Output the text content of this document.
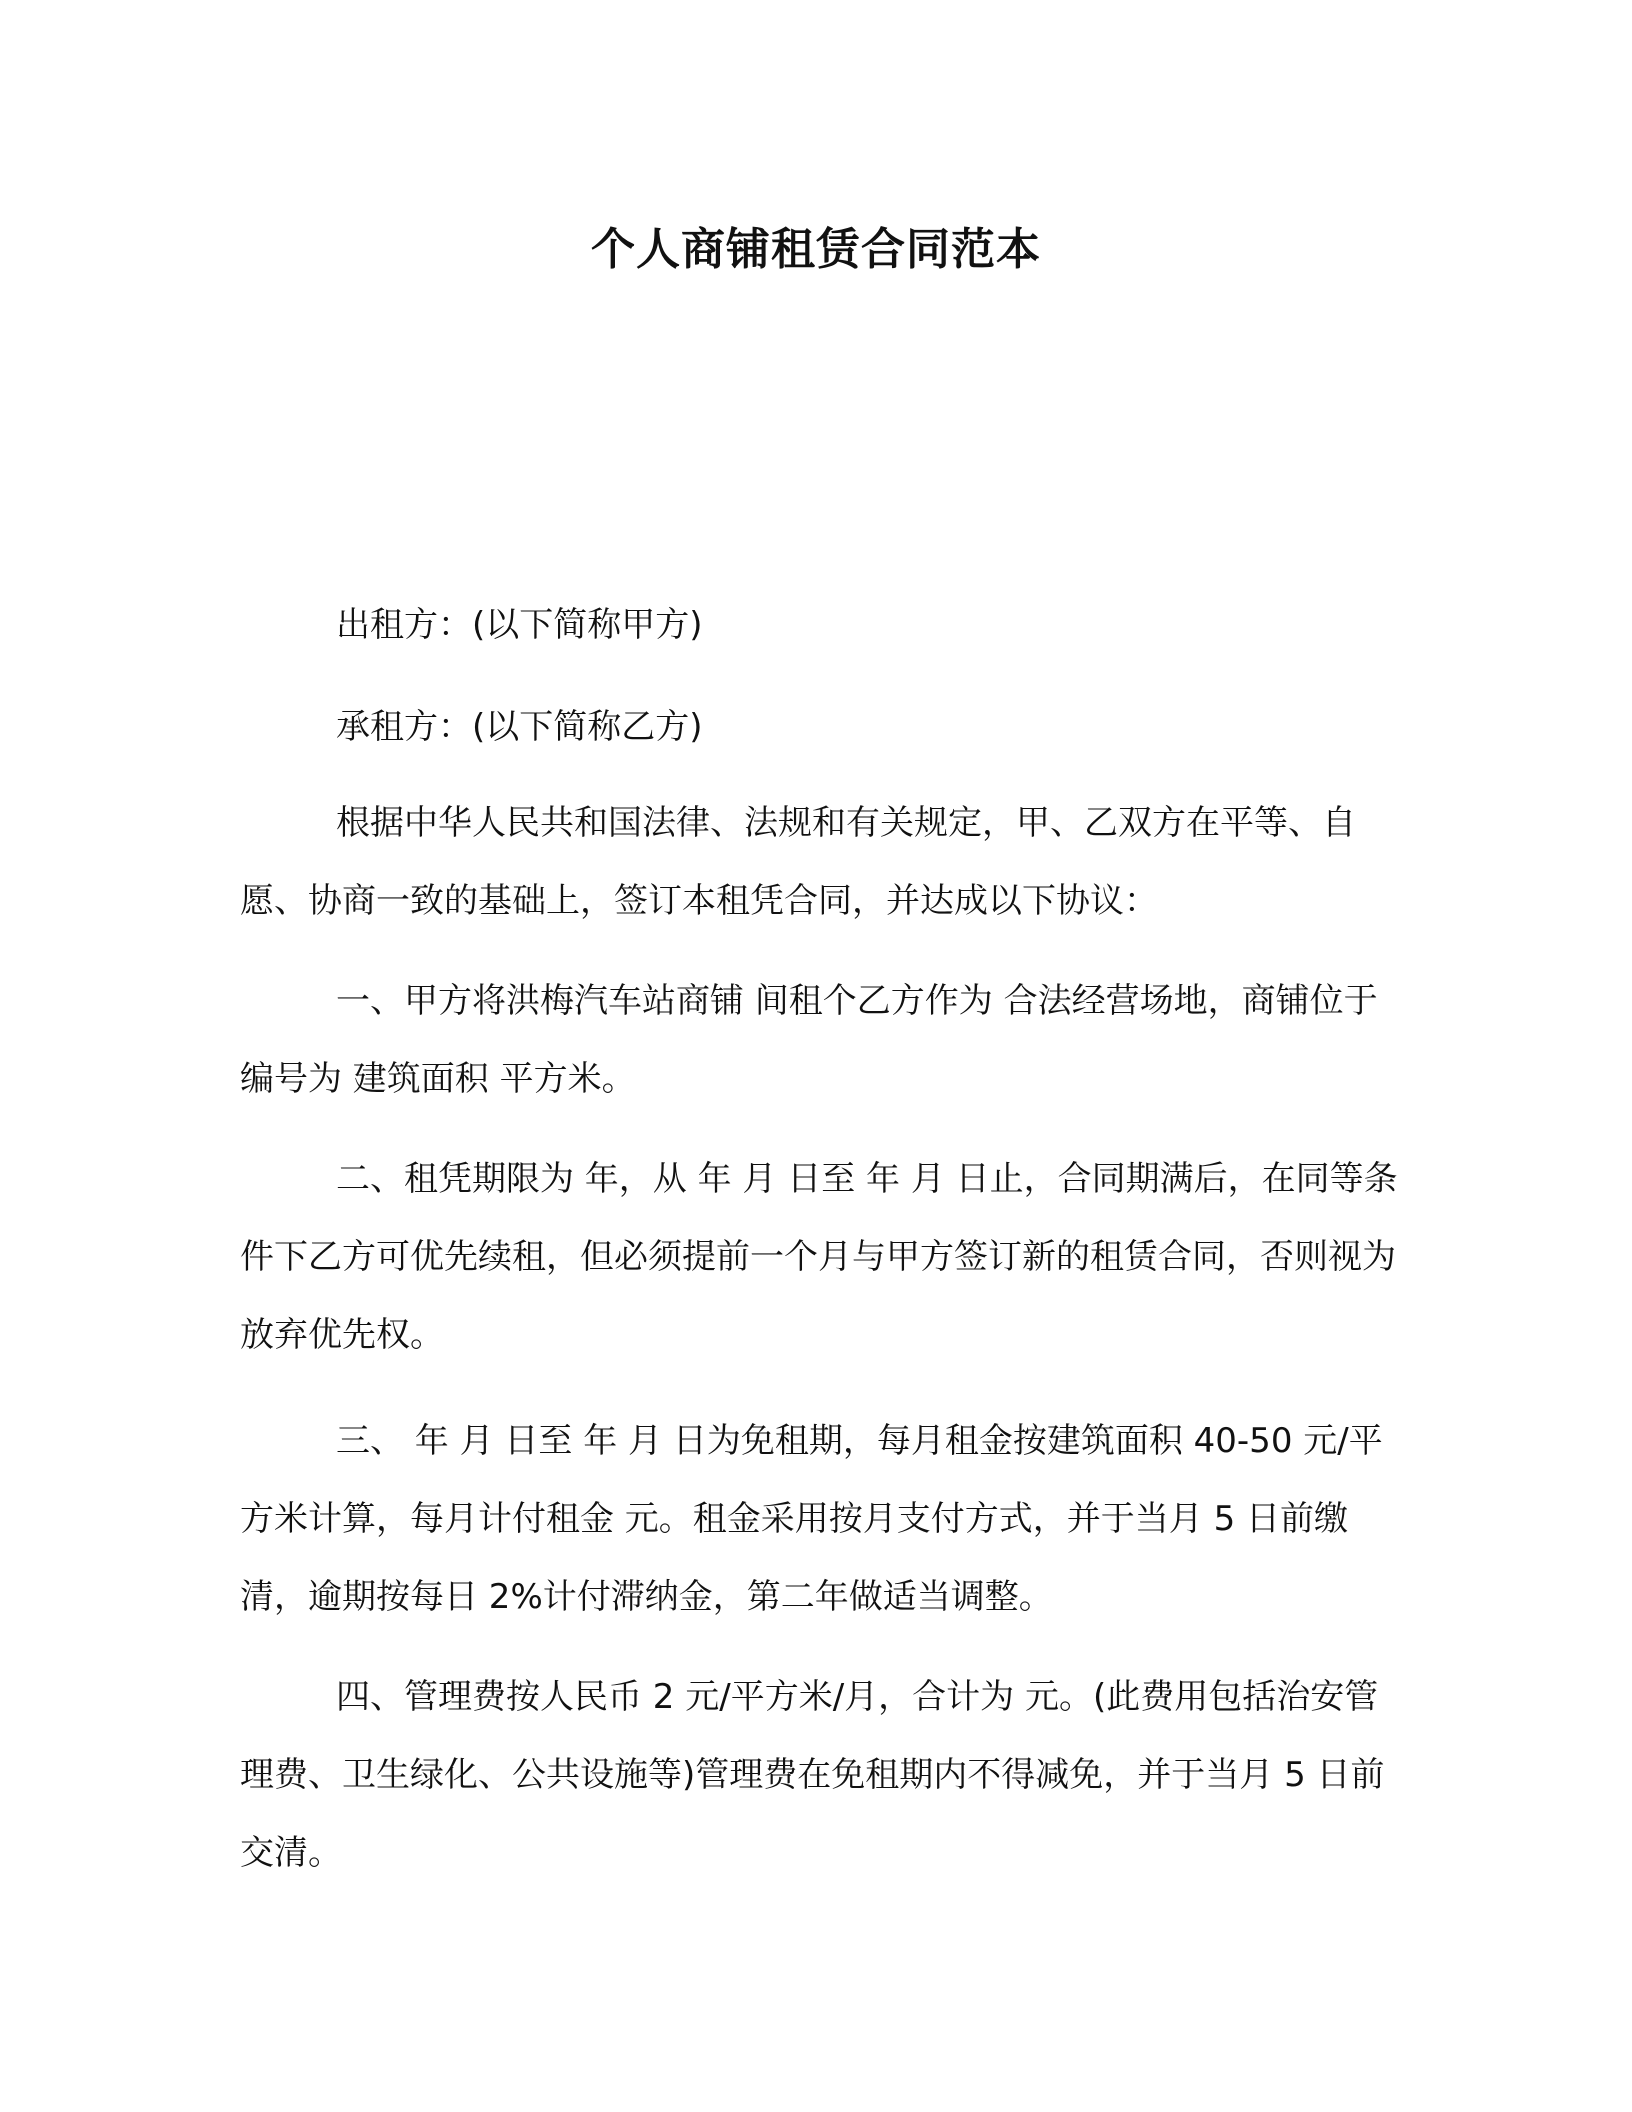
个人商铺租赁合同范本

出租方：(以下简称甲方)

承租方：(以下简称乙方)

根据中华人民共和国法律、法规和有关规定，甲、乙双方在平等、自愿、协商一致的基础上，签订本租凭合同，并达成以下协议：

一、甲方将洪梅汽车站商铺 间租个乙方作为 合法经营场地，商铺位于 编号为 建筑面积 平方米。

二、租凭期限为 年，从 年 月 日至 年 月 日止，合同期满后，在同等条件下乙方可优先续租，但必须提前一个月与甲方签订新的租赁合同，否则视为放弃优先权。

三、 年 月 日至 年 月 日为免租期，每月租金按建筑面积 40-50 元/平方米计算，每月计付租金 元。租金采用按月支付方式，并于当月 5 日前缴清，逾期按每日 2%计付滞纳金，第二年做适当调整。

四、管理费按人民币 2 元/平方米/月，合计为 元。(此费用包括治安管理费、卫生绿化、公共设施等)管理费在免租期内不得减免，并于当月 5 日前交清。
